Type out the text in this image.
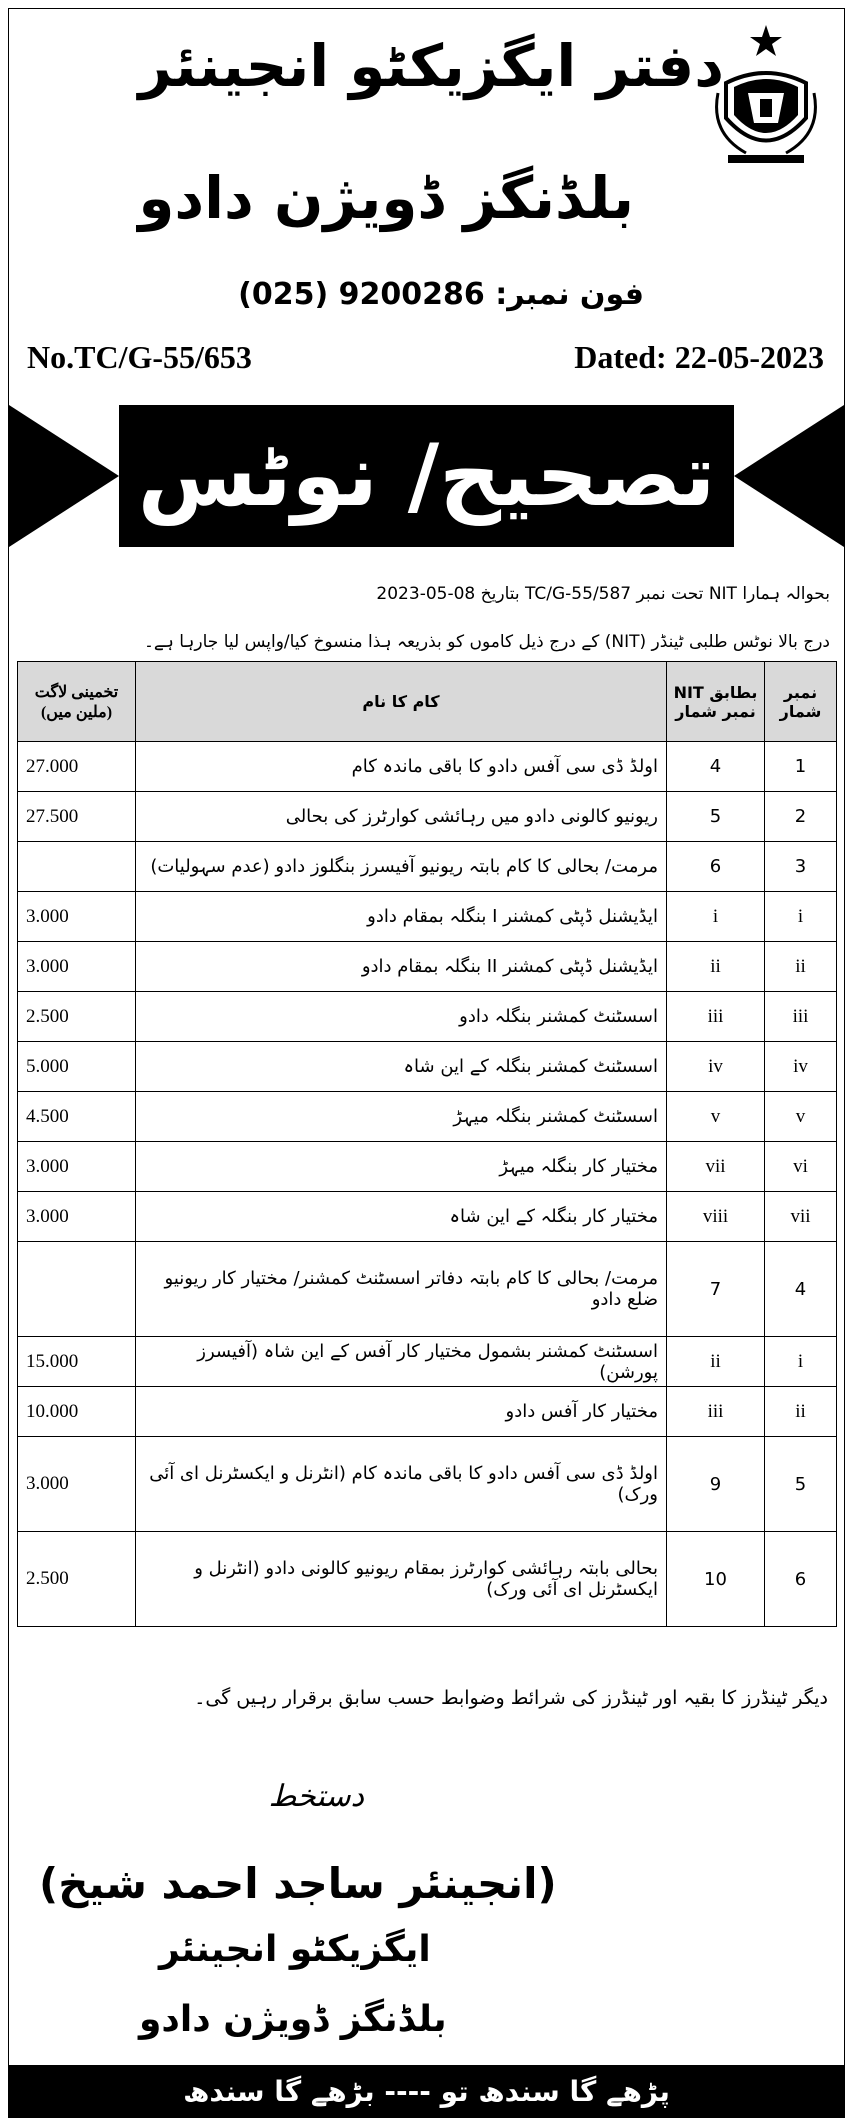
دفتر ایگزیکٹو انجینئر
بلڈنگز ڈویژن دادو
فون نمبر: 9200286 (025)
No.TC/G-55/653	Dated: 22-05-2023
تصحیح/ نوٹس
بحوالہ ہمارا NIT تحت نمبر TC/G-55/587 بتاریخ 08-05-2023
درج بالا نوٹس طلبی ٹینڈر (NIT) کے درج ذیل کاموں کو بذریعہ ہذا منسوخ کیا/واپس لیا جارہا ہے۔
نمبر شمار	بطابق NIT نمبر شمار	کام کا نام	تخمینی لاگت (ملین میں)
1	4	اولڈ ڈی سی آفس دادو کا باقی ماندہ کام	27.000
2	5	ریونیو کالونی دادو میں رہائشی کوارٹرز کی بحالی	27.500
3	6	مرمت/ بحالی کا کام بابتہ ریونیو آفیسرز بنگلوز دادو (عدم سہولیات)	
i	i	ایڈیشنل ڈپٹی کمشنر I بنگلہ بمقام دادو	3.000
ii	ii	ایڈیشنل ڈپٹی کمشنر II بنگلہ بمقام دادو	3.000
iii	iii	اسسٹنٹ کمشنر بنگلہ دادو	2.500
iv	iv	اسسٹنٹ کمشنر بنگلہ کے این شاہ	5.000
v	v	اسسٹنٹ کمشنر بنگلہ میہڑ	4.500
vi	vii	مختیار کار بنگلہ میہڑ	3.000
vii	viii	مختیار کار بنگلہ کے این شاہ	3.000
4	7	مرمت/ بحالی کا کام بابتہ دفاتر اسسٹنٹ کمشنر/ مختیار کار ریونیو ضلع دادو	
i	ii	اسسٹنٹ کمشنر بشمول مختیار کار آفس کے این شاہ (آفیسرز پورشن)	15.000
ii	iii	مختیار کار آفس دادو	10.000
5	9	اولڈ ڈی سی آفس دادو کا باقی ماندہ کام (انٹرنل و ایکسٹرنل ای آئی ورک)	3.000
6	10	بحالی بابتہ رہائشی کوارٹرز بمقام ریونیو کالونی دادو (انٹرنل و ایکسٹرنل ای آئی ورک)	2.500
دیگر ٹینڈرز کا بقیہ اور ٹینڈرز کی شرائط وضوابط حسب سابق برقرار رہیں گی۔
دستخط
(انجینئر ساجد احمد شیخ)
ایگزیکٹو انجینئر
بلڈنگز ڈویژن دادو
پڑھے گا سندھ تو ---- بڑھے گا سندھ
